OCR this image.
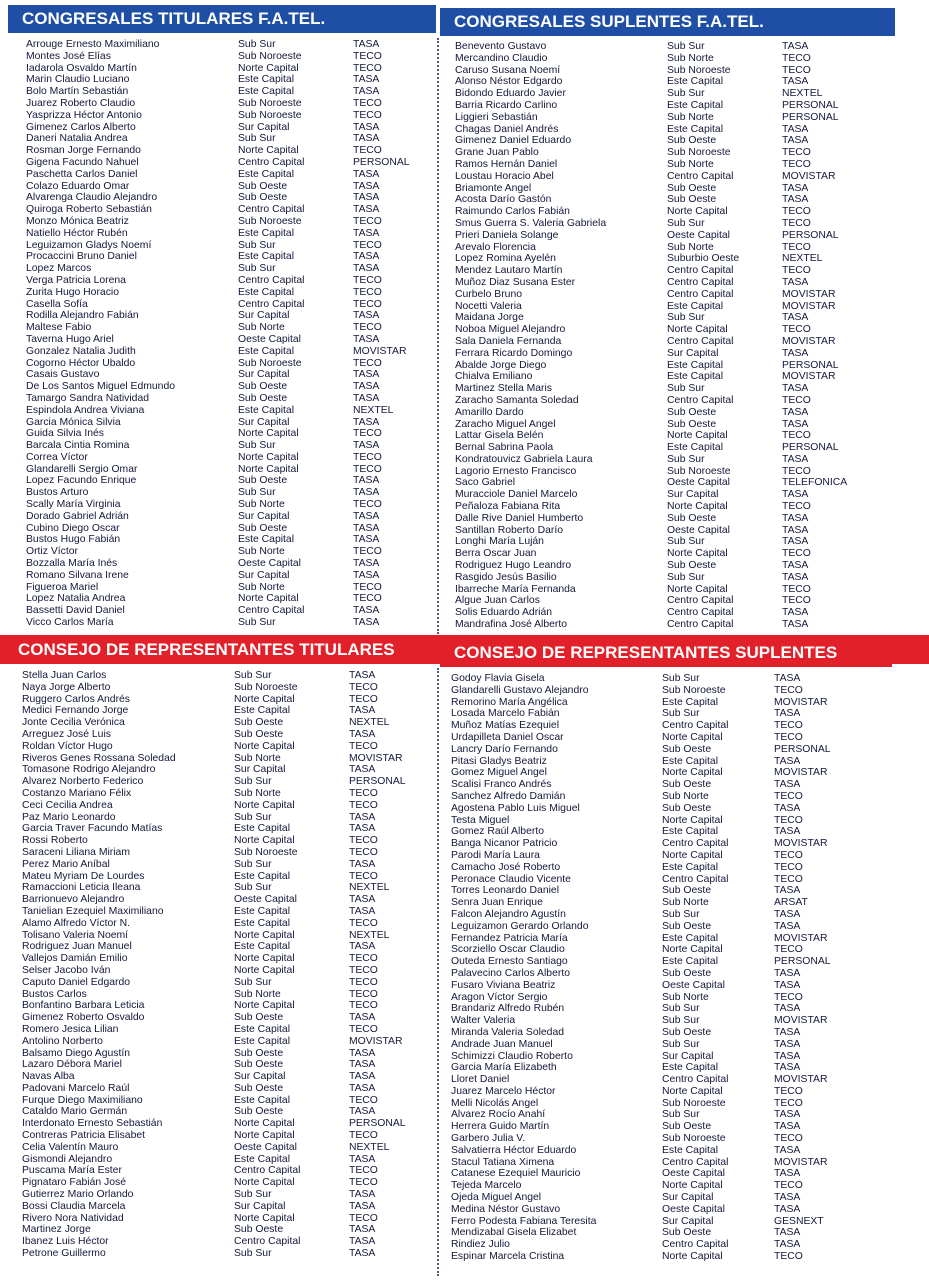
CONGRESALES TITULARES F.A.TEL.	CONGRESALES SUPLENTES F.A.TEL.
CONSEJO DE REPRESENTANTES TITULARES	CONSEJO DE REPRESENTANTES SUPLENTES
Arrouge Ernesto Maximiliano	Sub Sur	TASA
Montes José Elías	Sub Noroeste	TECO
Iadarola Osvaldo Martín	Norte Capital	TECO
Marin Claudio Luciano	Este Capital	TASA
Bolo Martín Sebastián	Este Capital	TASA
Juarez Roberto Claudio	Sub Noroeste	TECO
Yasprizza Héctor Antonio	Sub Noroeste	TECO
Gimenez Carlos Alberto	Sur Capital	TASA
Daneri Natalia Andrea	Sub Sur	TASA
Rosman Jorge Fernando	Norte Capital	TECO
Gigena Facundo Nahuel	Centro Capital	PERSONAL
Paschetta Carlos Daniel	Este Capital	TASA
Colazo Eduardo Omar	Sub Oeste	TASA
Alvarenga Claudio Alejandro	Sub Oeste	TASA
Quiroga Roberto Sebastián	Centro Capital	TASA
Monzo Mónica Beatriz	Sub Noroeste	TECO
Natiello Héctor Rubén	Este Capital	TASA
Leguizamon Gladys Noemí	Sub Sur	TECO
Procaccini Bruno Daniel	Este Capital	TASA
Lopez Marcos	Sub Sur	TASA
Verga Patricia Lorena	Centro Capital	TECO
Zurita Hugo Horacio	Este Capital	TECO
Casella Sofía	Centro Capital	TECO
Rodilla Alejandro Fabián	Sur Capital	TASA
Maltese Fabio	Sub Norte	TECO
Taverna Hugo Ariel	Oeste Capital	TASA
Gonzalez Natalia Judith	Este Capital	MOVISTAR
Cogorno Héctor Ubaldo	Sub Noroeste	TECO
Casais Gustavo	Sur Capital	TASA
De Los Santos Miguel Edmundo	Sub Oeste	TASA
Tamargo Sandra Natividad	Sub Oeste	TASA
Espindola Andrea Viviana	Este Capital	NEXTEL
Garcia Mónica Silvia	Sur Capital	TASA
Guida Silvia Inés	Norte Capital	TECO
Barcala Cintia Romina	Sub Sur	TASA
Correa Víctor	Norte Capital	TECO
Glandarelli Sergio Omar	Norte Capital	TECO
Lopez Facundo Enrique	Sub Oeste	TASA
Bustos Arturo	Sub Sur	TASA
Scally María Virginia	Sub Norte	TECO
Dorado Gabriel Adrián	Sur Capital	TASA
Cubino Diego Oscar	Sub Oeste	TASA
Bustos Hugo Fabián	Este Capital	TASA
Ortiz Víctor	Sub Norte	TECO
Bozzalla María Inés	Oeste Capital	TASA
Romano Silvana Irene	Sur Capital	TASA
Figueroa Mariel	Sub Norte	TECO
Lopez Natalia Andrea	Norte Capital	TECO
Bassetti David Daniel	Centro Capital	TASA
Vicco Carlos María	Sub Sur	TASA
Benevento Gustavo	Sub Sur	TASA
Mercandino Claudio	Sub Norte	TECO
Caruso Susana Noemí	Sub Noroeste	TECO
Alonso Néstor Edgardo	Este Capital	TASA
Bidondo Eduardo Javier	Sub Sur	NEXTEL
Barria Ricardo Carlino	Este Capital	PERSONAL
Liggieri Sebastián	Sub Norte	PERSONAL
Chagas Daniel Andrés	Este Capital	TASA
Gimenez Daniel Eduardo	Sub Oeste	TASA
Grane Juan Pablo	Sub Noroeste	TECO
Ramos Hernán Daniel	Sub Norte	TECO
Loustau Horacio Abel	Centro Capital	MOVISTAR
Briamonte Angel	Sub Oeste	TASA
Acosta Darío Gastón	Sub Oeste	TASA
Raimundo Carlos Fabián	Norte Capital	TECO
Smus Guerra S. Valeria Gabriela	Sub Sur	TECO
Prieri Daniela Solange	Oeste Capital	PERSONAL
Arevalo Florencia	Sub Norte	TECO
Lopez Romina Ayelén	Suburbio Oeste	NEXTEL
Mendez Lautaro Martín	Centro Capital	TECO
Muñoz Diaz Susana Ester	Centro Capital	TASA
Curbelo Bruno	Centro Capital	MOVISTAR
Nocetti Valeria	Este Capital	MOVISTAR
Maidana Jorge	Sub Sur	TASA
Noboa Miguel Alejandro	Norte Capital	TECO
Sala Daniela Fernanda	Centro Capital	MOVISTAR
Ferrara Ricardo Domingo	Sur Capital	TASA
Abalde Jorge Diego	Este Capital	PERSONAL
Chialva Emiliano	Este Capital	MOVISTAR
Martinez Stella Maris	Sub Sur	TASA
Zaracho Samanta Soledad	Centro Capital	TECO
Amarillo Dardo	Sub Oeste	TASA
Zaracho Miguel Angel	Sub Oeste	TASA
Lattar Gisela Belén	Norte Capital	TECO
Bernal Sabrina Paola	Este Capital	PERSONAL
Kondratouvicz Gabriela Laura	Sub Sur	TASA
Lagorio Ernesto Francisco	Sub Noroeste	TECO
Saco Gabriel	Oeste Capital	TELEFONICA
Muracciole Daniel Marcelo	Sur Capital	TASA
Peñaloza Fabiana Rita	Norte Capital	TECO
Dalle Rive Daniel Humberto	Sub Oeste	TASA
Santillan Roberto Darío	Oeste Capital	TASA
Longhi María Luján	Sub Sur	TASA
Berra Oscar Juan	Norte Capital	TECO
Rodriguez Hugo Leandro	Sub Oeste	TASA
Rasgido Jesús Basilio	Sub Sur	TASA
Ibarreche María Fernanda	Norte Capital	TECO
Algue Juan Carlos	Centro Capital	TECO
Solis Eduardo Adrián	Centro Capital	TASA
Mandrafina José Alberto	Centro Capital	TASA
Stella Juan Carlos	Sub Sur	TASA
Naya Jorge Alberto	Sub Noroeste	TECO
Ruggero Carlos Andrés	Norte Capital	TECO
Medici Fernando Jorge	Este Capital	TASA
Jonte Cecilia Verónica	Sub Oeste	NEXTEL
Arreguez José Luis	Sub Oeste	TASA
Roldan Víctor Hugo	Norte Capital	TECO
Riveros Genes Rossana Soledad	Sub Norte	MOVISTAR
Tomasone Rodrigo Alejandro	Sur Capital	TASA
Alvarez Norberto Federico	Sub Sur	PERSONAL
Costanzo Mariano Félix	Sub Norte	TECO
Ceci Cecilia Andrea	Norte Capital	TECO
Paz Mario Leonardo	Sub Sur	TASA
Garcia Traver Facundo Matías	Este Capital	TASA
Rossi Roberto	Norte Capital	TECO
Saraceni Liliana Miriam	Sub Noroeste	TECO
Perez Mario Aníbal	Sub Sur	TASA
Mateu Myriam De Lourdes	Este Capital	TECO
Ramaccioni Leticia Ileana	Sub Sur	NEXTEL
Barrionuevo Alejandro	Oeste Capital	TASA
Tanielian Ezequiel Maximiliano	Este Capital	TASA
Alamo Alfredo Víctor N.	Este Capital	TECO
Tolisano Valeria Noemí	Norte Capital	NEXTEL
Rodriguez Juan Manuel	Este Capital	TASA
Vallejos Damián Emilio	Norte Capital	TECO
Selser Jacobo Iván	Norte Capital	TECO
Caputo Daniel Edgardo	Sub Sur	TECO
Bustos Carlos	Sub Norte	TECO
Bonfantino Barbara Leticia	Norte Capital	TECO
Gimenez Roberto Osvaldo	Sub Oeste	TASA
Romero Jesica Lilian	Este Capital	TECO
Antolino Norberto	Este Capital	MOVISTAR
Balsamo Diego Agustín	Sub Oeste	TASA
Lazaro Débora Mariel	Sub Oeste	TASA
Navas Alba	Sur Capital	TASA
Padovani Marcelo Raúl	Sub Oeste	TASA
Furque Diego Maximiliano	Este Capital	TECO
Cataldo Mario Germán	Sub Oeste	TASA
Interdonato Ernesto Sebastián	Norte Capital	PERSONAL
Contreras Patricia Elisabet	Norte Capital	TECO
Celia Valentín Mauro	Oeste Capital	NEXTEL
Gismondi Alejandro	Este Capital	TASA
Puscama María Ester	Centro Capital	TECO
Pignataro Fabián José	Norte Capital	TECO
Gutierrez Mario Orlando	Sub Sur	TASA
Bossi Claudia Marcela	Sur Capital	TASA
Rivero Nora Natividad	Norte Capital	TECO
Martinez Jorge	Sub Oeste	TASA
Ibanez Luis Héctor	Centro Capital	TASA
Petrone Guillermo	Sub Sur	TASA
Godoy Flavia Gisela	Sub Sur	TASA
Glandarelli Gustavo Alejandro	Sub Noroeste	TECO
Remorino María Angélica	Este Capital	MOVISTAR
Losada Marcelo Fabián	Sub Sur	TASA
Muñoz Matías Ezequiel	Centro Capital	TECO
Urdapilleta Daniel Oscar	Norte Capital	TECO
Lancry Darío Fernando	Sub Oeste	PERSONAL
Pitasi Gladys Beatriz	Este Capital	TASA
Gomez Miguel Angel	Norte Capital	MOVISTAR
Scalisi Franco Andrés	Sub Oeste	TASA
Sanchez Alfredo Damián	Sub Norte	TECO
Agostena Pablo Luis Miguel	Sub Oeste	TASA
Testa Miguel	Norte Capital	TECO
Gomez Raúl Alberto	Este Capital	TASA
Banga Nicanor Patricio	Centro Capital	MOVISTAR
Parodi María Laura	Norte Capital	TECO
Camacho José Roberto	Este Capital	TECO
Peronace Claudio Vicente	Centro Capital	TECO
Torres Leonardo Daniel	Sub Oeste	TASA
Senra Juan Enrique	Sub Norte	ARSAT
Falcon Alejandro Agustín	Sub Sur	TASA
Leguizamon Gerardo Orlando	Sub Oeste	TASA
Fernandez Patricia María	Este Capital	MOVISTAR
Scorziello Oscar Claudio	Norte Capital	TECO
Outeda Ernesto Santiago	Este Capital	PERSONAL
Palavecino Carlos Alberto	Sub Oeste	TASA
Fusaro Viviana Beatriz	Oeste Capital	TASA
Aragon Víctor Sergio	Sub Norte	TECO
Brandariz Alfredo Rubén	Sub Sur	TASA
Walter Valeria	Sub Sur	MOVISTAR
Miranda Valeria Soledad	Sub Oeste	TASA
Andrade Juan Manuel	Sub Sur	TASA
Schimizzi Claudio Roberto	Sur Capital	TASA
Garcia María Elizabeth	Este Capital	TASA
Lloret Daniel	Centro Capital	MOVISTAR
Juarez Marcelo Héctor	Norte Capital	TECO
Melli Nicolás Angel	Sub Noroeste	TECO
Alvarez Rocío Anahí	Sub Sur	TASA
Herrera Guido Martín	Sub Oeste	TASA
Garbero Julia V.	Sub Noroeste	TECO
Salvatierra Héctor Eduardo	Este Capital	TASA
Stacul Tatiana Ximena	Centro Capital	MOVISTAR
Catanese Ezequiel Mauricio	Oeste Capital	TASA
Tejeda Marcelo	Norte Capital	TECO
Ojeda Miguel Angel	Sur Capital	TASA
Medina Néstor Gustavo	Oeste Capital	TASA
Ferro Podesta Fabiana Teresita	Sur Capital	GESNEXT
Mendizabal Gisela Elizabet	Sub Oeste	TASA
Rindiez Julio	Centro Capital	TASA
Espinar Marcela Cristina	Norte Capital	TECO
